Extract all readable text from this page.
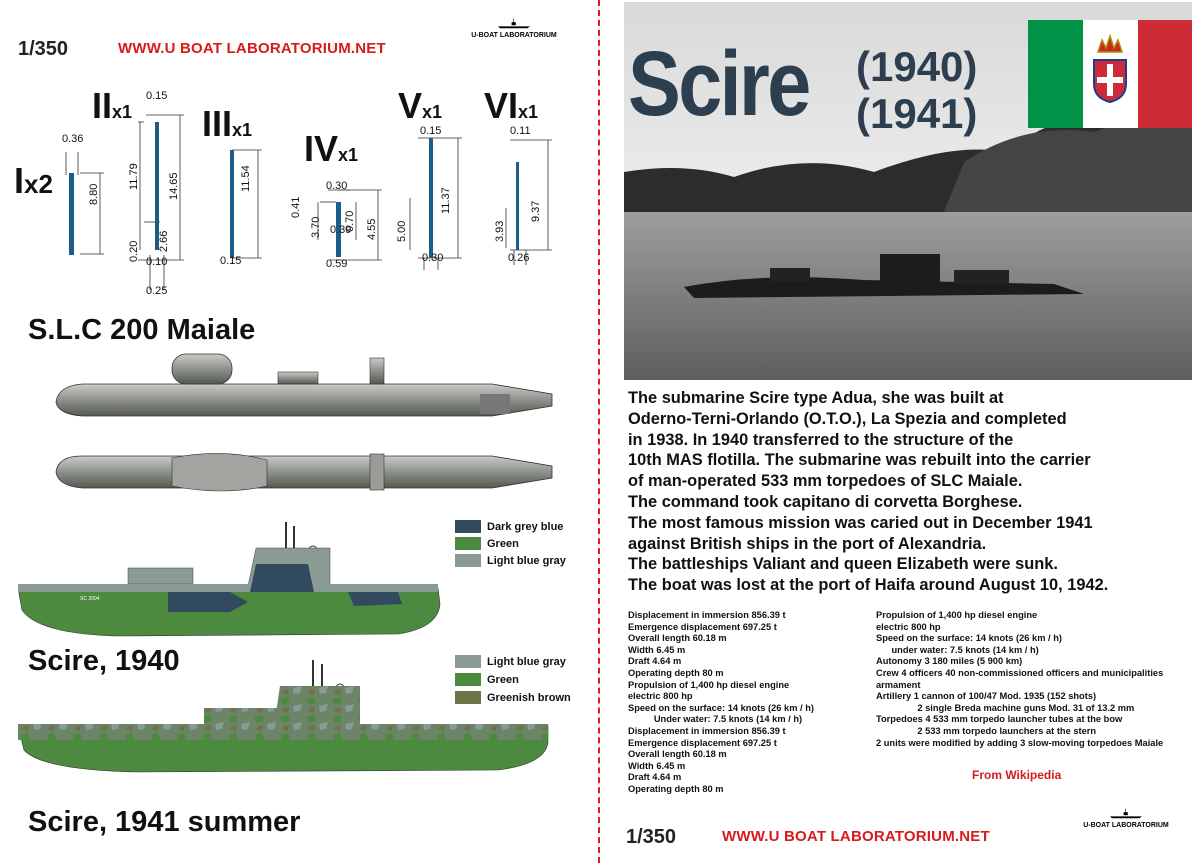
1/350	WWW.U BOAT LABORATORIUM.NET
U-BOAT LABORATORIUM
Ix2
IIx1 IIIx1 IVx1
Vx1 VIx1
0.36
8.80
0.15
11.79	14.65
0.20 2.66
0.10
0.25
11.54
0.15
0.30
0.41
3.70 0.70
0.39 4.55
0.59
0.15
5.00
11.37
0.30
0.11
3.93
9.37
0.26
S.L.C 200 Maiale
SC 2004
Scire, 1940
Dark grey blue
Green
Light blue gray
Scire, 1941 summer
Light blue gray
Green
Greenish brown
Scire (1940)
(1941)

The submarine Scire type Adua, she was built at

Oderno-Terni-Orlando (O.T.O.), La Spezia and completed

in 1938. In 1940 transferred to the structure of the

10th MAS flotilla. The submarine was rebuilt into the carrier

of man-operated 533 mm torpedoes of SLC Maiale.

The command took capitano di corvetta Borghese.

The most famous mission was caried out in December 1941

against British ships in the port of Alexandria.

The battleships Valiant and queen Elizabeth were sunk.

The boat was lost at the port of Haifa around August 10, 1942.

Displacement in immersion 856.39 t
Emergence displacement 697.25 t
Overall length 60.18 m
Width 6.45 m
Draft 4.64 m
Operating depth 80 m
Propulsion of 1,400 hp diesel engine
electric 800 hp
Speed on the surface: 14 knots (26 km / h)
Under water: 7.5 knots (14 km / h)
Displacement in immersion 856.39 t
Emergence displacement 697.25 t
Overall length 60.18 m
Width 6.45 m
Draft 4.64 m
Operating depth 80 m
Propulsion of 1,400 hp diesel engine
electric 800 hp
Speed on the surface: 14 knots (26 km / h)
under water: 7.5 knots (14 km / h)
Autonomy 3 180 miles (5 900 km)
Crew 4 officers 40 non-commissioned officers and municipalities
armament
Artillery 1 cannon of 100/47 Mod. 1935 (152 shots)
2 single Breda machine guns Mod. 31 of 13.2 mm
Torpedoes 4 533 mm torpedo launcher tubes at the bow
2 533 mm torpedo launchers at the stern
2 units were modified by adding 3 slow-moving torpedoes Maiale
From Wikipedia
1/350	WWW.U BOAT LABORATORIUM.NET
U-BOAT LABORATORIUM
